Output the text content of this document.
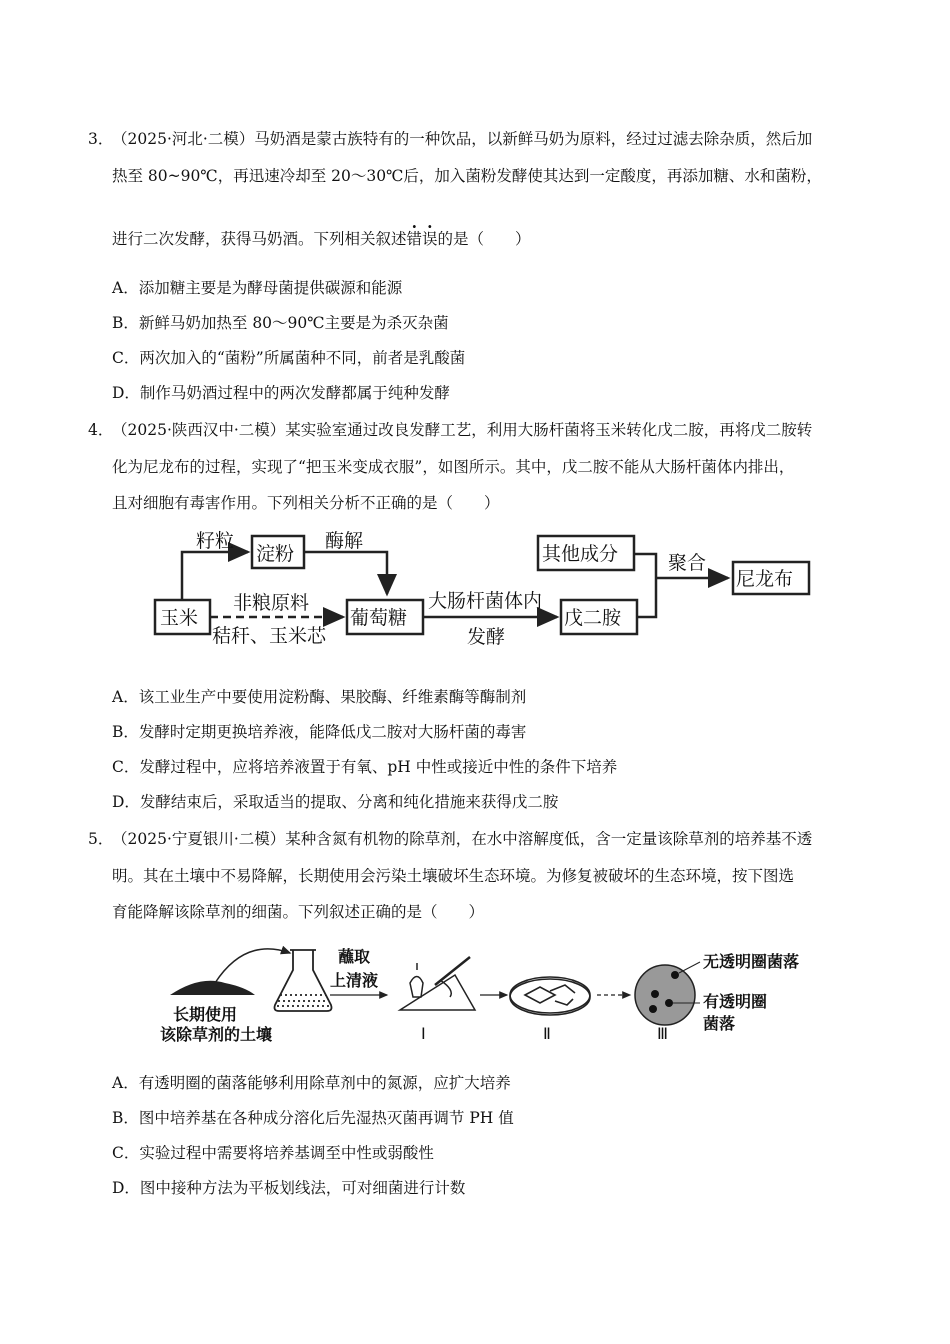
3．
（2025·河北·二模）马奶酒是蒙古族特有的一种饮品，以新鲜马奶为原料，经过过滤去除杂质，然后加
热至 80~90℃，再迅速冷却至 20～30℃后，加入菌粉发酵使其达到一定酸度，再添加糖、水和菌粉，
进行二次发酵，获得马奶酒。下列相关叙述错误的是（　　）
A．添加糖主要是为酵母菌提供碳源和能源
B．新鲜马奶加热至 80～90℃主要是为杀灭杂菌
C．两次加入的“菌粉”所属菌种不同，前者是乳酸菌
D．制作马奶酒过程中的两次发酵都属于纯种发酵
4．
（2025·陕西汉中·二模）某实验室通过改良发酵工艺，利用大肠杆菌将玉米转化戊二胺，再将戊二胺转
化为尼龙布的过程，实现了“把玉米变成衣服”，如图所示。其中，戊二胺不能从大肠杆菌体内排出，
且对细胞有毒害作用。下列相关分析不正确的是（　　）
玉米
籽粒
淀粉
酶解
非粮原料
秸秆、玉米芯
葡萄糖
大肠杆菌体内
发酵
戊二胺
其他成分	聚合
尼龙布
A．该工业生产中要使用淀粉酶、果胶酶、纤维素酶等酶制剂
B．发酵时定期更换培养液，能降低戊二胺对大肠杆菌的毒害
C．发酵过程中，应将培养液置于有氧、pH 中性或接近中性的条件下培养
D．发酵结束后，采取适当的提取、分离和纯化措施来获得戊二胺
5．
（2025·宁夏银川·二模）某种含氮有机物的除草剂，在水中溶解度低，含一定量该除草剂的培养基不透
明。其在土壤中不易降解，长期使用会污染土壤破坏生态环境。为修复被破坏的生态环境，按下图选
育能降解该除草剂的细菌。下列叙述正确的是（　　）
长期使用
该除草剂的土壤
蘸取
上清液
Ⅰ	Ⅱ	Ⅲ
无透明圈菌落
有透明圈
菌落
A．有透明圈的菌落能够利用除草剂中的氮源，应扩大培养
B．图中培养基在各种成分溶化后先湿热灭菌再调节 PH 值
C．实验过程中需要将培养基调至中性或弱酸性
D．图中接种方法为平板划线法，可对细菌进行计数
